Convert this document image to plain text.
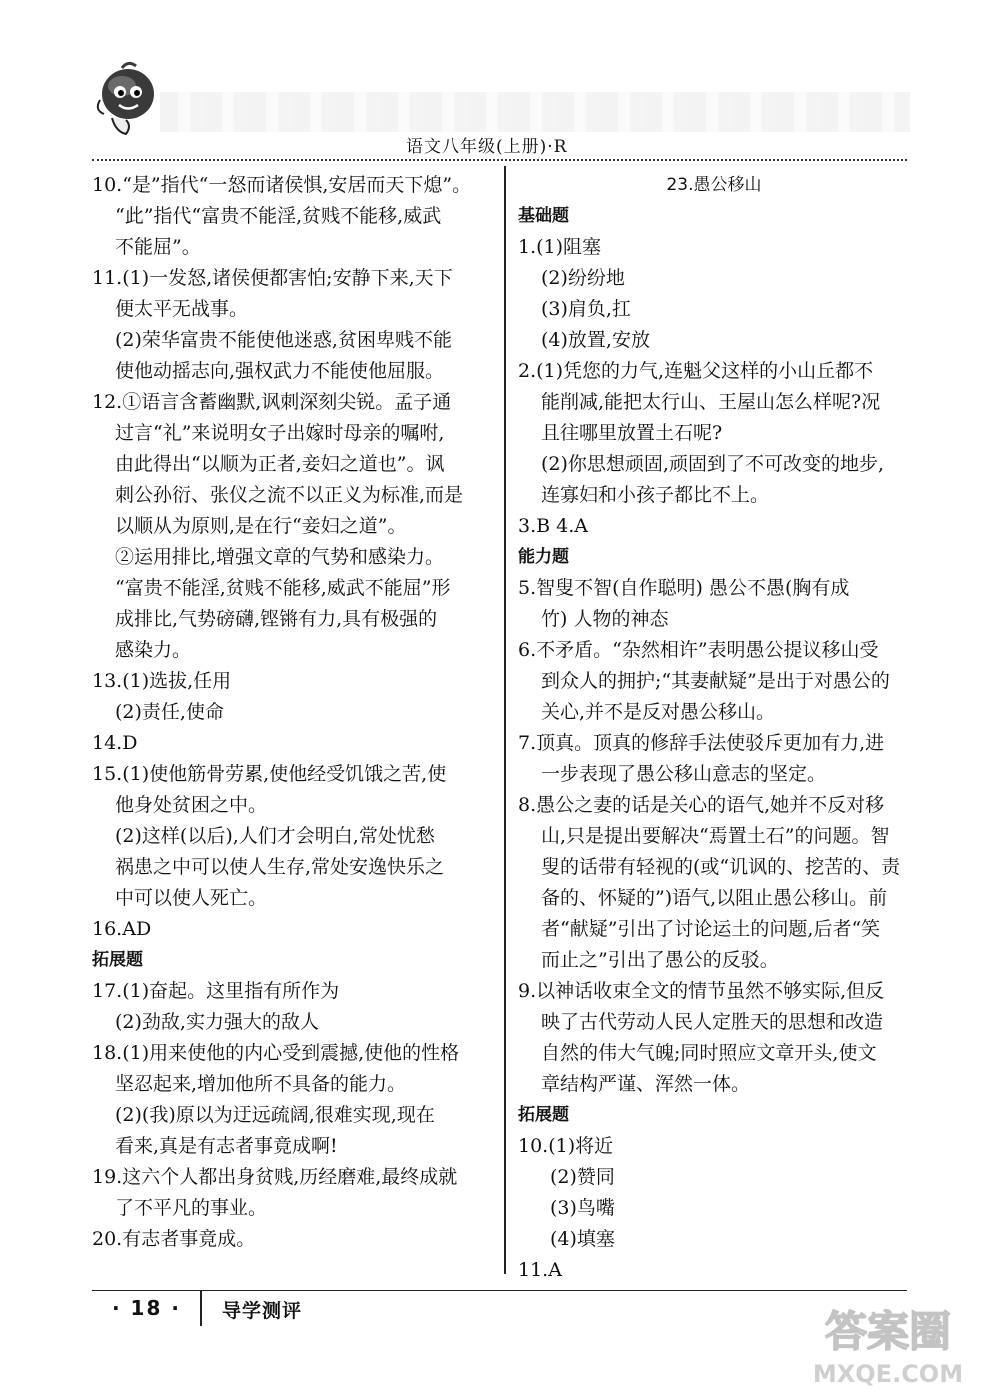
语文八年级(上册)·R
10.“是”指代“一怒而诸侯惧,安居而天下熄”。
“此”指代“富贵不能淫,贫贱不能移,威武
不能屈”。
11.(1)一发怒,诸侯便都害怕;安静下来,天下
便太平无战事。
(2)荣华富贵不能使他迷惑,贫困卑贱不能
使他动摇志向,强权武力不能使他屈服。
12.①语言含蓄幽默,讽刺深刻尖锐。孟子通
过言“礼”来说明女子出嫁时母亲的嘱咐,
由此得出“以顺为正者,妾妇之道也”。讽
刺公孙衍、张仪之流不以正义为标准,而是
以顺从为原则,是在行“妾妇之道”。
②运用排比,增强文章的气势和感染力。
“富贵不能淫,贫贱不能移,威武不能屈”形
成排比,气势磅礴,铿锵有力,具有极强的
感染力。
13.(1)选拔,任用
(2)责任,使命
14.D
15.(1)使他筋骨劳累,使他经受饥饿之苦,使
他身处贫困之中。
(2)这样(以后),人们才会明白,常处忧愁
祸患之中可以使人生存,常处安逸快乐之
中可以使人死亡。
16.AD
拓展题
17.(1)奋起。这里指有所作为
(2)劲敌,实力强大的敌人
18.(1)用来使他的内心受到震撼,使他的性格
坚忍起来,增加他所不具备的能力。
(2)(我)原以为迂远疏阔,很难实现,现在
看来,真是有志者事竟成啊!
19.这六个人都出身贫贱,历经磨难,最终成就
了不平凡的事业。
20.有志者事竟成。
23.愚公移山
基础题
1.(1)阻塞
(2)纷纷地
(3)肩负,扛
(4)放置,安放
2.(1)凭您的力气,连魁父这样的小山丘都不
能削减,能把太行山、王屋山怎么样呢?况
且往哪里放置土石呢?
(2)你思想顽固,顽固到了不可改变的地步,
连寡妇和小孩子都比不上。
3.B 4.A
能力题
5.智叟不智(自作聪明) 愚公不愚(胸有成
竹) 人物的神态
6.不矛盾。“杂然相许”表明愚公提议移山受
到众人的拥护;“其妻献疑”是出于对愚公的
关心,并不是反对愚公移山。
7.顶真。顶真的修辞手法使驳斥更加有力,进
一步表现了愚公移山意志的坚定。
8.愚公之妻的话是关心的语气,她并不反对移
山,只是提出要解决“焉置土石”的问题。智
叟的话带有轻视的(或“讥讽的、挖苦的、责
备的、怀疑的”)语气,以阻止愚公移山。前
者“献疑”引出了讨论运土的问题,后者“笑
而止之”引出了愚公的反驳。
9.以神话收束全文的情节虽然不够实际,但反
映了古代劳动人民人定胜天的思想和改造
自然的伟大气魄;同时照应文章开头,使文
章结构严谨、浑然一体。
拓展题
10.(1)将近
(2)赞同
(3)鸟嘴
(4)填塞
11.A
· 18 · 导学测评	答案圈
MXQE.COM
